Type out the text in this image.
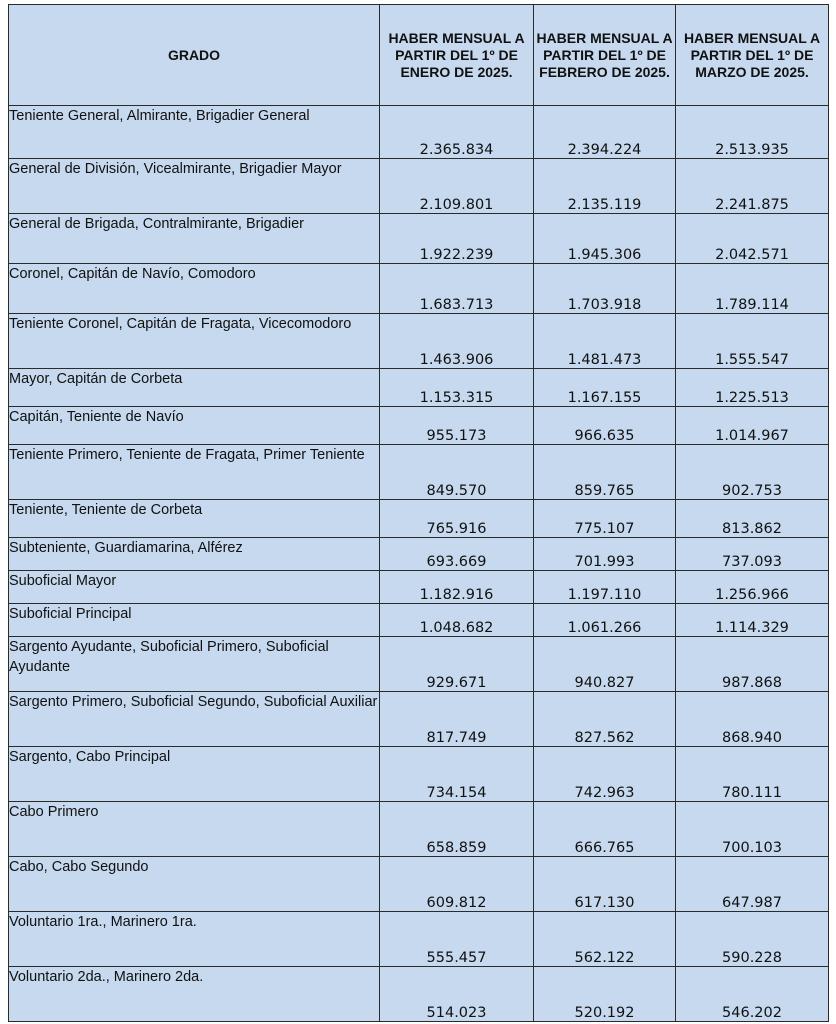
GRADO	HABER MENSUAL A PARTIR DEL 1º DE ENERO DE 2025.	HABER MENSUAL A PARTIR DEL 1º DE FEBRERO DE 2025.	HABER MENSUAL A PARTIR DEL 1º DE MARZO DE 2025.
Teniente General, Almirante, Brigadier General	2.365.834	2.394.224	2.513.935
General de División, Vicealmirante, Brigadier Mayor	2.109.801	2.135.119	2.241.875
General de Brigada, Contralmirante, Brigadier	1.922.239	1.945.306	2.042.571
Coronel, Capitán de Navío, Comodoro	1.683.713	1.703.918	1.789.114
Teniente Coronel, Capitán de Fragata, Vicecomodoro	1.463.906	1.481.473	1.555.547
Mayor, Capitán de Corbeta	1.153.315	1.167.155	1.225.513
Capitán, Teniente de Navío	955.173	966.635	1.014.967
Teniente Primero, Teniente de Fragata, Primer Teniente	849.570	859.765	902.753
Teniente, Teniente de Corbeta	765.916	775.107	813.862
Subteniente, Guardiamarina, Alférez	693.669	701.993	737.093
Suboficial Mayor	1.182.916	1.197.110	1.256.966
Suboficial Principal	1.048.682	1.061.266	1.114.329
Sargento Ayudante, Suboficial Primero, Suboficial Ayudante	929.671	940.827	987.868
Sargento Primero, Suboficial Segundo, Suboficial Auxiliar	817.749	827.562	868.940
Sargento, Cabo Principal	734.154	742.963	780.111
Cabo Primero	658.859	666.765	700.103
Cabo, Cabo Segundo	609.812	617.130	647.987
Voluntario 1ra., Marinero 1ra.	555.457	562.122	590.228
Voluntario 2da., Marinero 2da.	514.023	520.192	546.202
